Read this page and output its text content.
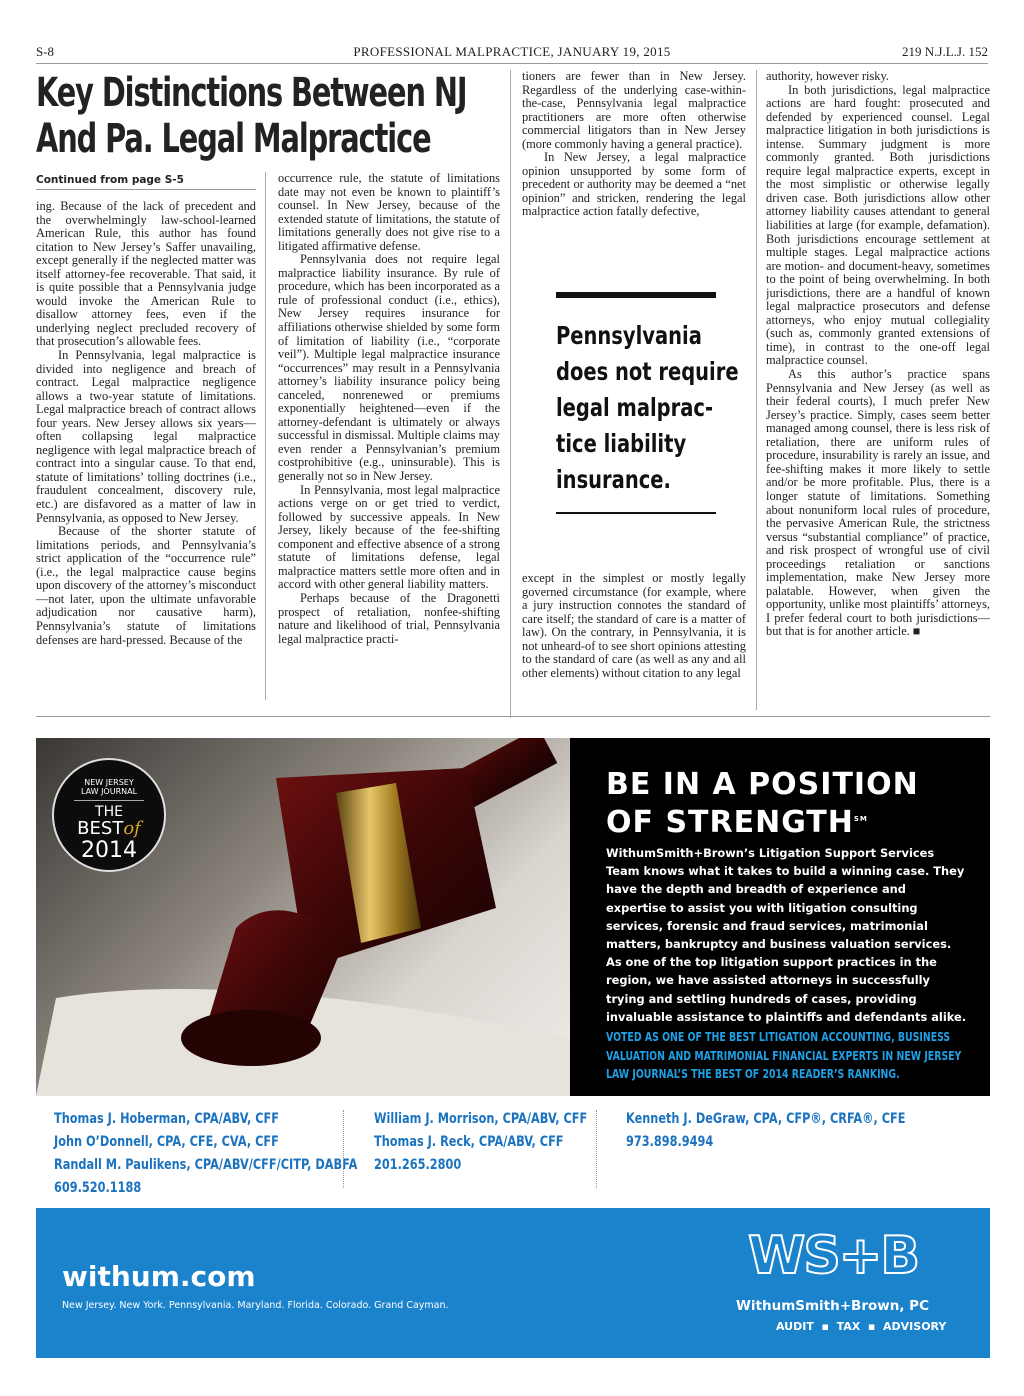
S-8	PROFESSIONAL MALPRACTICE, JANUARY 19, 2015	219 N.J.L.J. 152
Key Distinctions Between NJ
And Pa. Legal Malpractice
Continued from page S-5

ing. Because of the lack of precedent and the overwhelmingly law-school-learned American Rule, this author has found citation to New Jersey’s Saffer unavailing, except generally if the neglected matter was itself attorney-fee recoverable. That said, it is quite possible that a Pennsylvania judge would invoke the American Rule to disallow attorney fees, even if the underlying neglect precluded recovery of that prosecution’s allowable fees.

In Pennsylvania, legal malpractice is divided into negligence and breach of contract. Legal malpractice negligence allows a two-year statute of limitations. Legal malpractice breach of contract allows four years. New Jersey allows six years—often collapsing legal malpractice negligence with legal malpractice breach of contract into a singular cause. To that end, statute of limitations’ tolling doctrines (i.e., fraudulent concealment, discovery rule, etc.) are disfavored as a matter of law in Pennsylvania, as opposed to New Jersey.

Because of the shorter statute of limitations periods, and Pennsylvania’s strict application of the “occurrence rule” (i.e., the legal malpractice cause begins upon discovery of the attorney’s misconduct—not later, upon the ultimate unfavorable adjudication nor causative harm), Pennsylvania’s statute of limitations defenses are hard-pressed. Because of the

occurrence rule, the statute of limitations date may not even be known to plaintiff’s counsel. In New Jersey, because of the extended statute of limitations, the statute of limitations generally does not give rise to a litigated affirmative defense.

Pennsylvania does not require legal malpractice liability insurance. By rule of procedure, which has been incorporated as a rule of professional conduct (i.e., ethics), New Jersey requires insurance for affiliations otherwise shielded by some form of limitation of liability (i.e., “corporate veil”). Multiple legal malpractice insurance “occurrences” may result in a Pennsylvania attorney’s liability insurance policy being canceled, nonrenewed or premiums exponentially heightened—even if the attorney-defendant is ultimately or always successful in dismissal. Multiple claims may even render a Pennsylvanian’s premium costprohibitive (e.g., uninsurable). This is generally not so in New Jersey.

In Pennsylvania, most legal malpractice actions verge on or get tried to verdict, followed by successive appeals. In New Jersey, likely because of the fee-shifting component and effective absence of a strong statute of limitations defense, legal malpractice matters settle more often and in accord with other general liability matters.

Perhaps because of the Dragonetti prospect of retaliation, nonfee-shifting nature and likelihood of trial, Pennsylvania legal malpractice practi-

tioners are fewer than in New Jersey. Regardless of the underlying case-within-the-case, Pennsylvania legal malpractice practitioners are more often otherwise commercial litigators than in New Jersey (more commonly having a general practice).

In New Jersey, a legal malpractice opinion unsupported by some form of precedent or authority may be deemed a “net opinion” and stricken, rendering the legal malpractice action fatally defective,

Pennsylvania
does not require
legal malprac-
tice liability
insurance.

except in the simplest or mostly legally governed circumstance (for example, where a jury instruction connotes the standard of care itself; the standard of care is a matter of law). On the contrary, in Pennsylvania, it is not unheard-of to see short opinions attesting to the standard of care (as well as any and all other elements) without citation to any legal

authority, however risky.

In both jurisdictions, legal malpractice actions are hard fought: prosecuted and defended by experienced counsel. Legal malpractice litigation in both jurisdictions is intense. Summary judgment is more commonly granted. Both jurisdictions require legal malpractice experts, except in the most simplistic or otherwise legally driven case. Both jurisdictions allow other attorney liability causes attendant to general liabilities at large (for example, defamation). Both jurisdictions encourage settlement at multiple stages. Legal malpractice actions are motion- and document-heavy, sometimes to the point of being overwhelming. In both jurisdictions, there are a handful of known legal malpractice prosecutors and defense attorneys, who enjoy mutual collegiality (such as, commonly granted extensions of time), in contrast to the one-off legal malpractice counsel.

As this author’s practice spans Pennsylvania and New Jersey (as well as their federal courts), I much prefer New Jersey’s practice. Simply, cases seem better managed among counsel, there is less risk of retaliation, there are uniform rules of procedure, insurability is rarely an issue, and fee-shifting makes it more likely to settle and/or be more profitable. Plus, there is a longer statute of limitations. Something about nonuniform local rules of procedure, the pervasive American Rule, the strictness versus “substantial compliance” of practice, and risk prospect of wrongful use of civil proceedings retaliation or sanctions implementation, make New Jersey more palatable. However, when given the opportunity, unlike most plaintiffs’ attorneys, I prefer federal court to both jurisdictions—but that is for another article. ■

NEW JERSEY
LAW JOURNAL
THE
BESTof
2014
BE IN A POSITION
OF STRENGTH℠
WithumSmith+Brown’s Litigation Support Services Team knows what it takes to build a winning case. They have the depth and breadth of experience and expertise to assist you with litigation consulting services, forensic and fraud services, matrimonial matters, bankruptcy and business valuation services. As one of the top litigation support practices in the region, we have assisted attorneys in successfully trying and settling hundreds of cases, providing invaluable assistance to plaintiffs and defendants alike.
VOTED AS ONE OF THE BEST LITIGATION ACCOUNTING, BUSINESS VALUATION AND MATRIMONIAL FINANCIAL EXPERTS IN NEW JERSEY LAW JOURNAL’S THE BEST OF 2014 READER’S RANKING.
Thomas J. Hoberman, CPA/ABV, CFF
John O’Donnell, CPA, CFE, CVA, CFF
Randall M. Paulikens, CPA/ABV/CFF/CITP, DABFA
609.520.1188
William J. Morrison, CPA/ABV, CFF
Thomas J. Reck, CPA/ABV, CFF
201.265.2800
Kenneth J. DeGraw, CPA, CFP®, CRFA®, CFE
973.898.9494
withum.com
New Jersey. New York. Pennsylvania. Maryland. Florida. Colorado. Grand Cayman.
WS+B
WithumSmith+Brown, PC
AUDIT  ▪  TAX  ▪  ADVISORY
